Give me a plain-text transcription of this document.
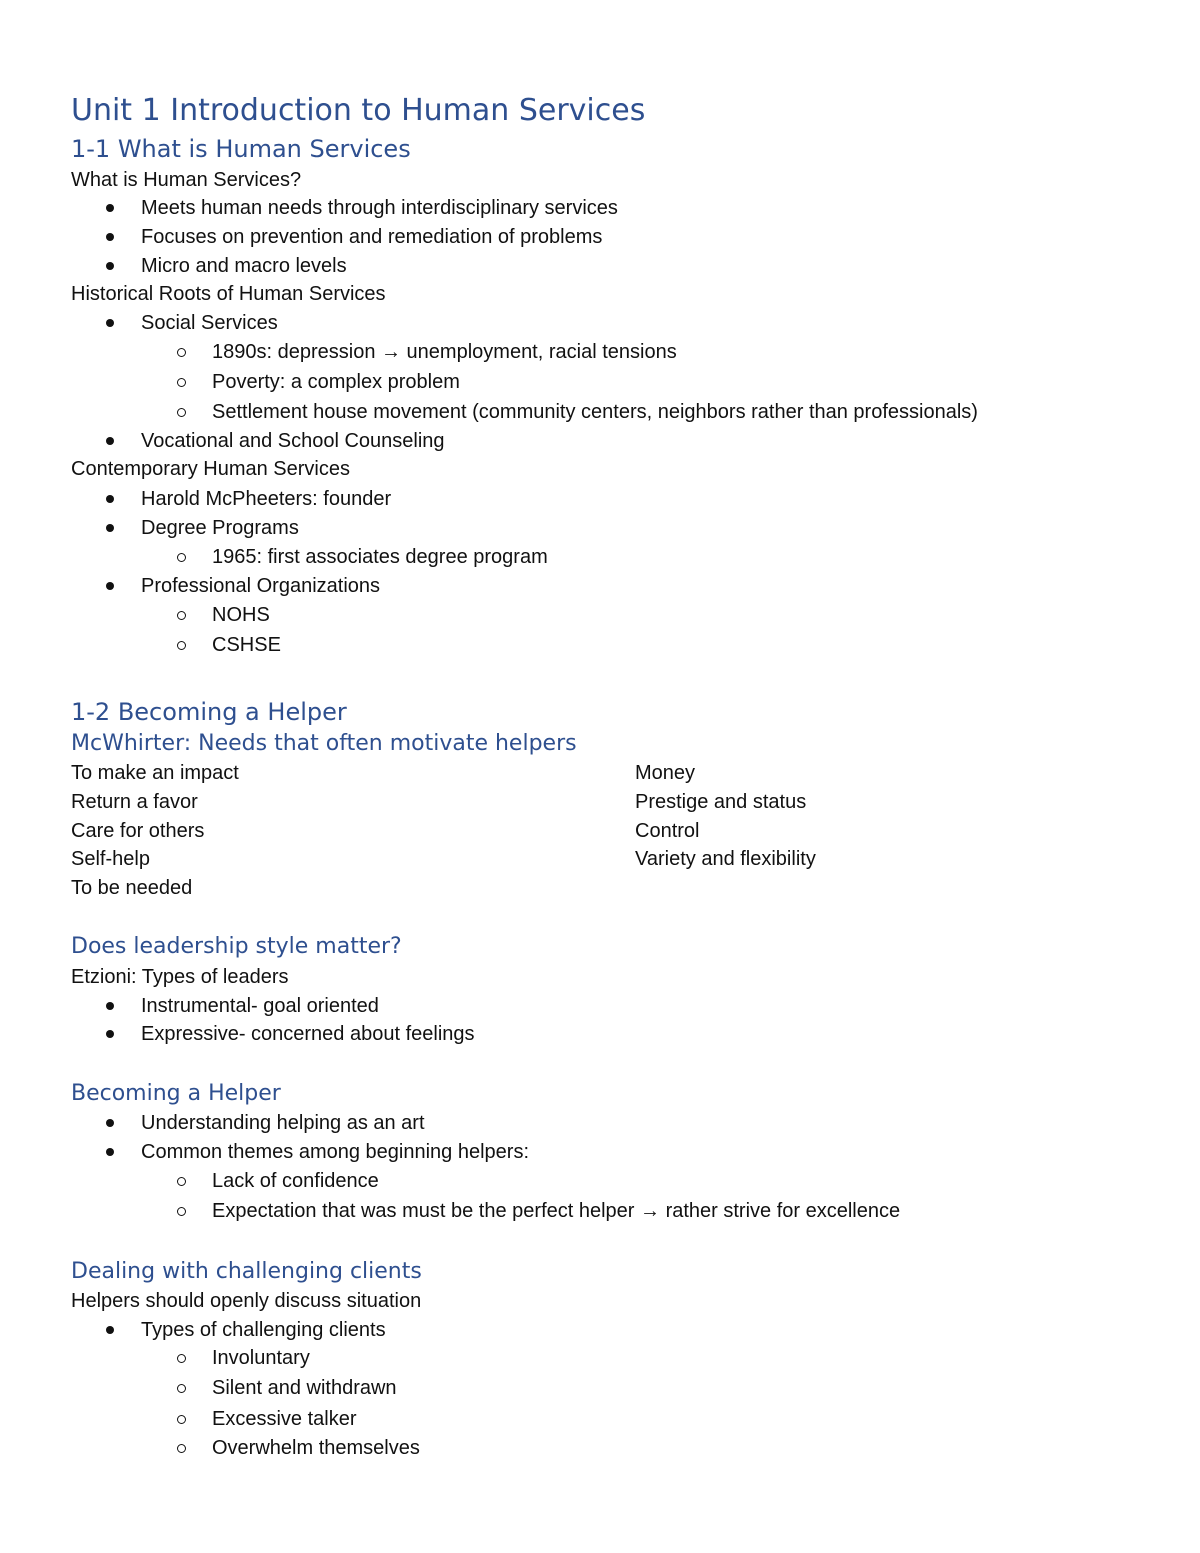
Unit 1 Introduction to Human Services
1-1 What is Human Services
What is Human Services?
Meets human needs through interdisciplinary services
Focuses on prevention and remediation of problems
Micro and macro levels
Historical Roots of Human Services
Social Services
1890s: depression → unemployment, racial tensions
Poverty: a complex problem
Settlement house movement (community centers, neighbors rather than professionals)
Vocational and School Counseling
Contemporary Human Services
Harold McPheeters: founder
Degree Programs
1965: first associates degree program
Professional Organizations
NOHS
CSHSE
1-2 Becoming a Helper
McWhirter: Needs that often motivate helpers
To make an impact
Return a favor
Care for others
Self-help
To be needed
Money
Prestige and status
Control
Variety and flexibility
Does leadership style matter?
Etzioni: Types of leaders
Instrumental- goal oriented
Expressive- concerned about feelings
Becoming a Helper
Understanding helping as an art
Common themes among beginning helpers:
Lack of confidence
Expectation that was must be the perfect helper → rather strive for excellence
Dealing with challenging clients
Helpers should openly discuss situation
Types of challenging clients
Involuntary
Silent and withdrawn
Excessive talker
Overwhelm themselves
